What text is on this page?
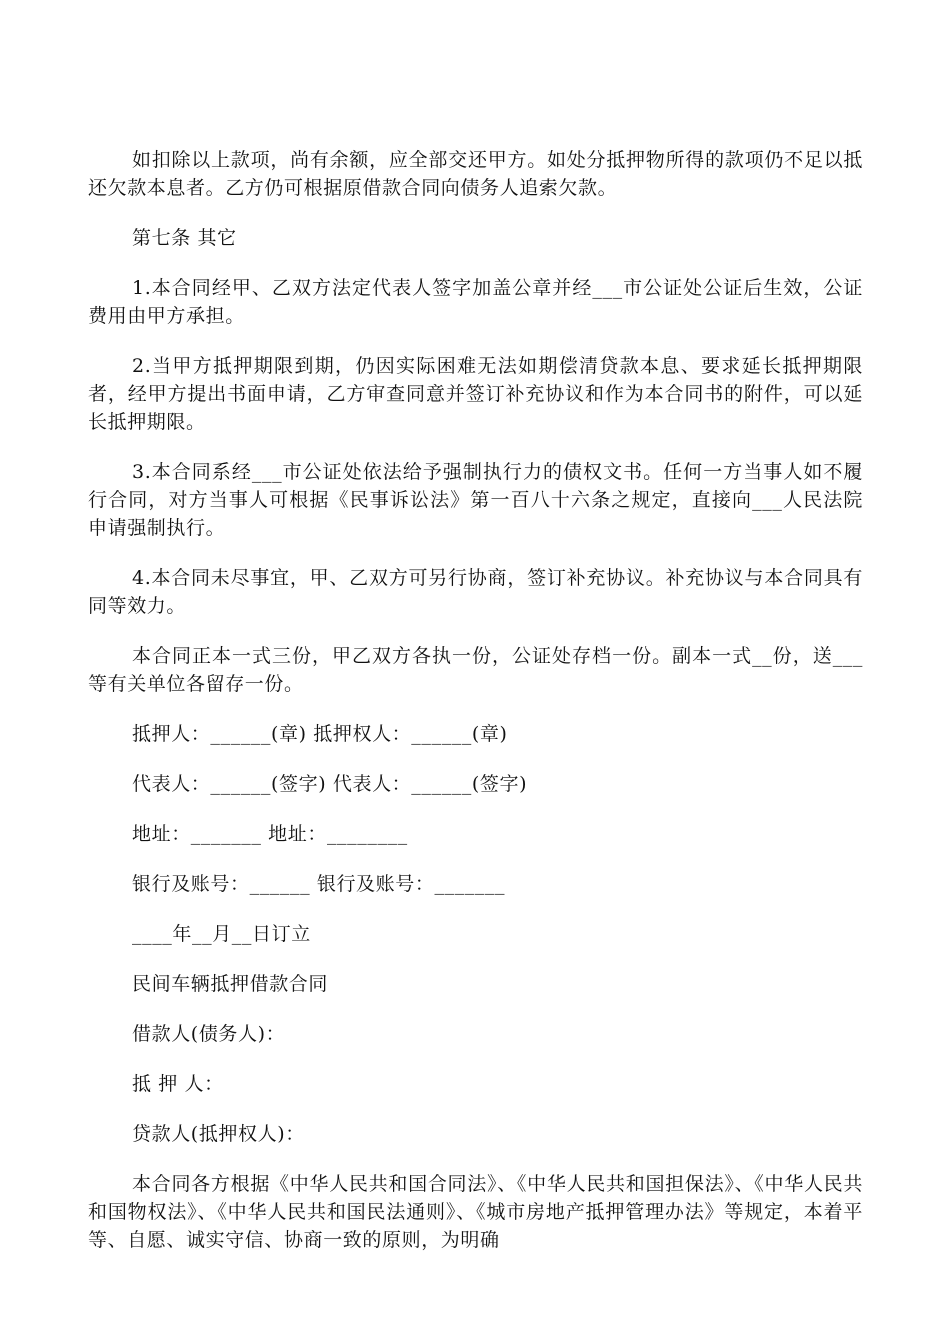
如扣除以上款项，尚有余额，应全部交还甲方。如处分抵押物所得的款项仍不足以抵还欠款本息者。乙方仍可根据原借款合同向债务人追索欠款。

第七条 其它

1.本合同经甲、乙双方法定代表人签字加盖公章并经___市公证处公证后生效，公证费用由甲方承担。

2.当甲方抵押期限到期，仍因实际困难无法如期偿清贷款本息、要求延长抵押期限者，经甲方提出书面申请，乙方审查同意并签订补充协议和作为本合同书的附件，可以延长抵押期限。

3.本合同系经___市公证处依法给予强制执行力的债权文书。任何一方当事人如不履行合同，对方当事人可根据《民事诉讼法》第一百八十六条之规定，直接向___人民法院申请强制执行。

4.本合同未尽事宜，甲、乙双方可另行协商，签订补充协议。补充协议与本合同具有同等效力。

本合同正本一式三份，甲乙双方各执一份，公证处存档一份。副本一式__份，送___等有关单位各留存一份。

抵押人：______(章) 抵押权人：______(章)

代表人：______(签字) 代表人：______(签字)

地址：_______ 地址：________

银行及账号：______ 银行及账号：_______

____年__月__日订立

民间车辆抵押借款合同

借款人(债务人)：

抵 押 人：

贷款人(抵押权人)：

本合同各方根据《中华人民共和国合同法》、《中华人民共和国担保法》、《中华人民共和国物权法》、《中华人民共和国民法通则》、《城市房地产抵押管理办法》等规定，本着平等、自愿、诚实守信、协商一致的原则，为明确
